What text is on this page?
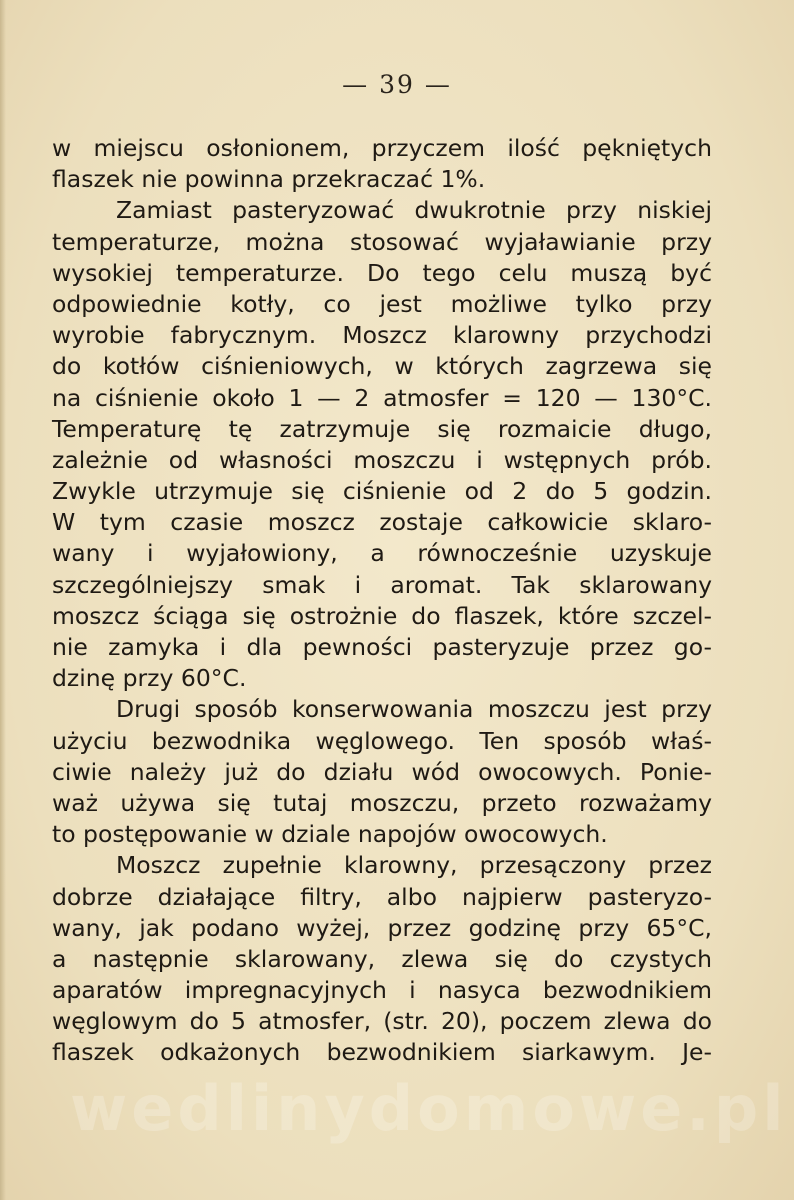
— 39 —
w miejscu osłonionem, przyczem ilość pękniętych
flaszek nie powinna przekraczać 1%.
Zamiast pasteryzować dwukrotnie przy niskiej
temperaturze, można stosować wyjaławianie przy
wysokiej temperaturze. Do tego celu muszą być
odpowiednie kotły, co jest możliwe tylko przy
wyrobie fabrycznym. Moszcz klarowny przychodzi
do kotłów ciśnieniowych, w których zagrzewa się
na ciśnienie około 1 — 2 atmosfer = 120 — 130°C.
Temperaturę tę zatrzymuje się rozmaicie długo,
zależnie od własności moszczu i wstępnych prób.
Zwykle utrzymuje się ciśnienie od 2 do 5 godzin.
W tym czasie moszcz zostaje całkowicie sklaro-
wany i wyjałowiony, a równocześnie uzyskuje
szczególniejszy smak i aromat. Tak sklarowany
moszcz ściąga się ostrożnie do flaszek, które szczel-
nie zamyka i dla pewności pasteryzuje przez go-
dzinę przy 60°C.
Drugi sposób konserwowania moszczu jest przy
użyciu bezwodnika węglowego. Ten sposób właś-
ciwie należy już do działu wód owocowych. Ponie-
waż używa się tutaj moszczu, przeto rozważamy
to postępowanie w dziale napojów owocowych.
Moszcz zupełnie klarowny, przesączony przez
dobrze działające filtry, albo najpierw pasteryzo-
wany, jak podano wyżej, przez godzinę przy 65°C,
a następnie sklarowany, zlewa się do czystych
aparatów impregnacyjnych i nasyca bezwodnikiem
węglowym do 5 atmosfer, (str. 20), poczem zlewa do
flaszek odkażonych bezwodnikiem siarkawym. Je-
wedlinydomowe.pl
